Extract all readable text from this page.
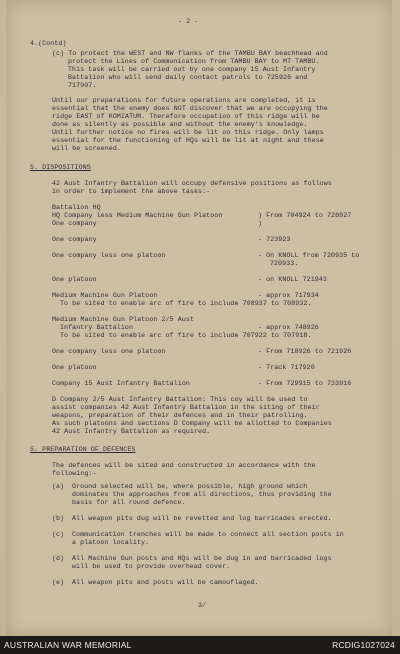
- 2 -
4.(Contd)
(c) To protect the WEST and NW flanks of the TAMBU BAY beachhead and
protect the Lines of Communication from TAMBU BAY to MT TAMBU.
This task will be carried out by one company 15 Aust Infantry
Battalion who will send daily contact patrols to 725926 and
717907.
Until our preparations for future operations are completed, it is
essential that the enemy does NOT discover that we are occupying the
ridge EAST of KOMIATUM. Therefore occupation of this ridge will be
done as silently as possible and without the enemy's knowledge.
Until further notice no fires will be lit on this ridge. Only lamps
essential for the functioning of HQs will be lit at night and these
will be screened.
5. DISPOSITIONS
42 Aust Infantry Battalion will occupy defensive positions as follows
in order to implement the above tasks:-
Battalion HQ
HQ Company less Medium Machine Gun Platoon	) From 704924 to 726927
One company	)
One company	- 723923
One company less one platoon	- On KNOLL from 720935 to
720933.
One platoon	- on KNOLL 721943
Medium Machine Gun Platoon	- approx 717934
To be sited to enable arc of fire to include 708937 to 708932.
Medium Machine Gun Platoon 2/5 Aust
Infantry Battalion	- approx 748926
To be sited to enable arc of fire to include 707922 to 707918.
One company less one platoon	- From 718926 to 721926
One platoon	- Track 717920
Company 15 Aust Infantry Battalion	- From 729915 to 733916
D Company 2/5 Aust Infantry Battalion: This coy will be used to
assist companies 42 Aust Infantry Battalion in the siting of their
weapons, preparation of their defences and in their patrolling.
As such platoons and sections D Company will be allotted to Companies
42 Aust Infantry Battalion as required.
5. PREPARATION OF DEFENCES
The defences will be sited and constructed in accordance with the
following:-
(a) Ground selected will be, where possible, high ground which
dominates the approaches from all directions, thus providing the
basis for all round defence.
(b) All weapon pits dug will be revetted and log barricades erected.
(c) Communication trenches will be made to connect all section posts in
a platoon locality.
(d) All Machine Gun posts and HQs will be dug in and barricaded logs
will be used to provide overhead cover.
(e) All weapon pits and posts will be camouflaged.
3/
AUSTRALIAN WAR MEMORIAL	RCDIG1027024
